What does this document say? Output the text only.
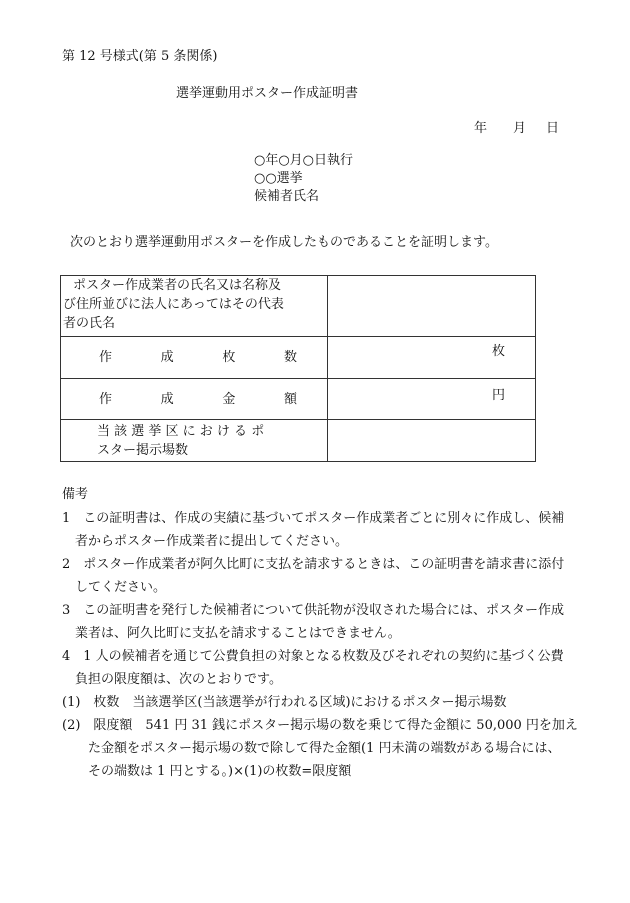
第 12 号様式(第 5 条関係)
選挙運動用ポスター作成証明書
年 月 日
○年○月○日執行
○○選挙
候補者氏名
次のとおり選挙運動用ポスターを作成したものであることを証明します。
ポスター作成業者の氏名又は名称及
び住所並びに法人にあってはその代表
者の氏名	

作 成 枚 数	枚

作 成 金 額	円

当 該 選 挙 区 に お け る ポ
スター掲示場数	

備考
1　この証明書は、作成の実績に基づいてポスター作成業者ごとに別々に作成し、候補
　者からポスター作成業者に提出してください。
2　ポスター作成業者が阿久比町に支払を請求するときは、この証明書を請求書に添付
　してください。
3　この証明書を発行した候補者について供託物が没収された場合には、ポスター作成
　業者は、阿久比町に支払を請求することはできません。
4　1 人の候補者を通じて公費負担の対象となる枚数及びそれぞれの契約に基づく公費
　負担の限度額は、次のとおりです。
(1)　枚数　当該選挙区(当該選挙が行われる区域)におけるポスター掲示場数
(2)　限度額　541 円 31 銭にポスター掲示場の数を乗じて得た金額に 50,000 円を加え
　　た金額をポスター掲示場の数で除して得た金額(1 円未満の端数がある場合には、
　　その端数は 1 円とする。)×(1)の枚数=限度額
